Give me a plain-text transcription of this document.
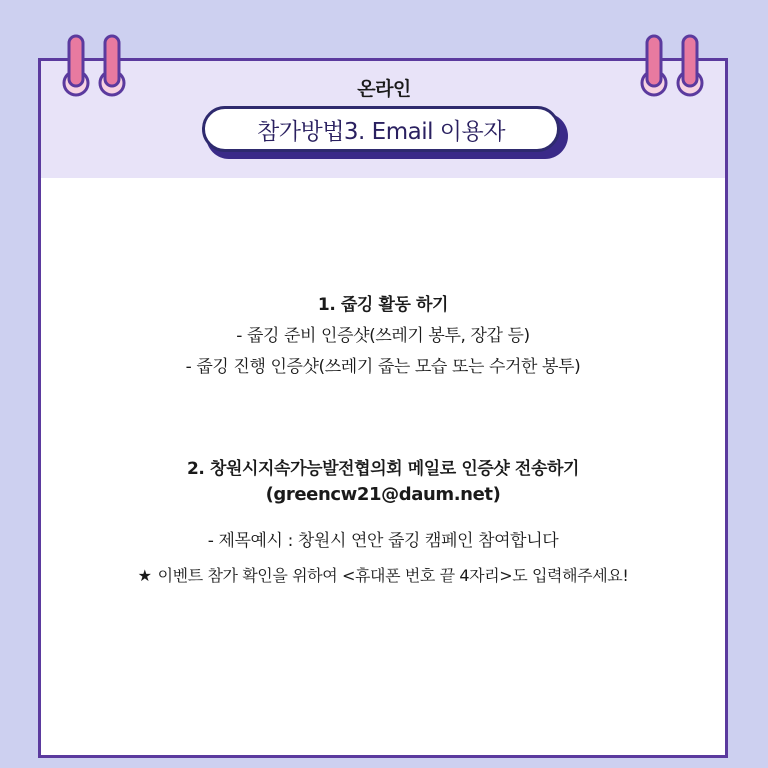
온라인
참가방법3. Email 이용자
1. 줍깅 활동 하기
- 줍깅 준비 인증샷(쓰레기 봉투, 장갑 등)
- 줍깅 진행 인증샷(쓰레기 줍는 모습 또는 수거한 봉투)
2. 창원시지속가능발전협의회 메일로 인증샷 전송하기
(greencw21@daum.net)
- 제목예시 : 창원시 연안 줍깅 캠페인 참여합니다
★ 이벤트 참가 확인을 위하여 <휴대폰 번호 끝 4자리>도 입력해주세요!
